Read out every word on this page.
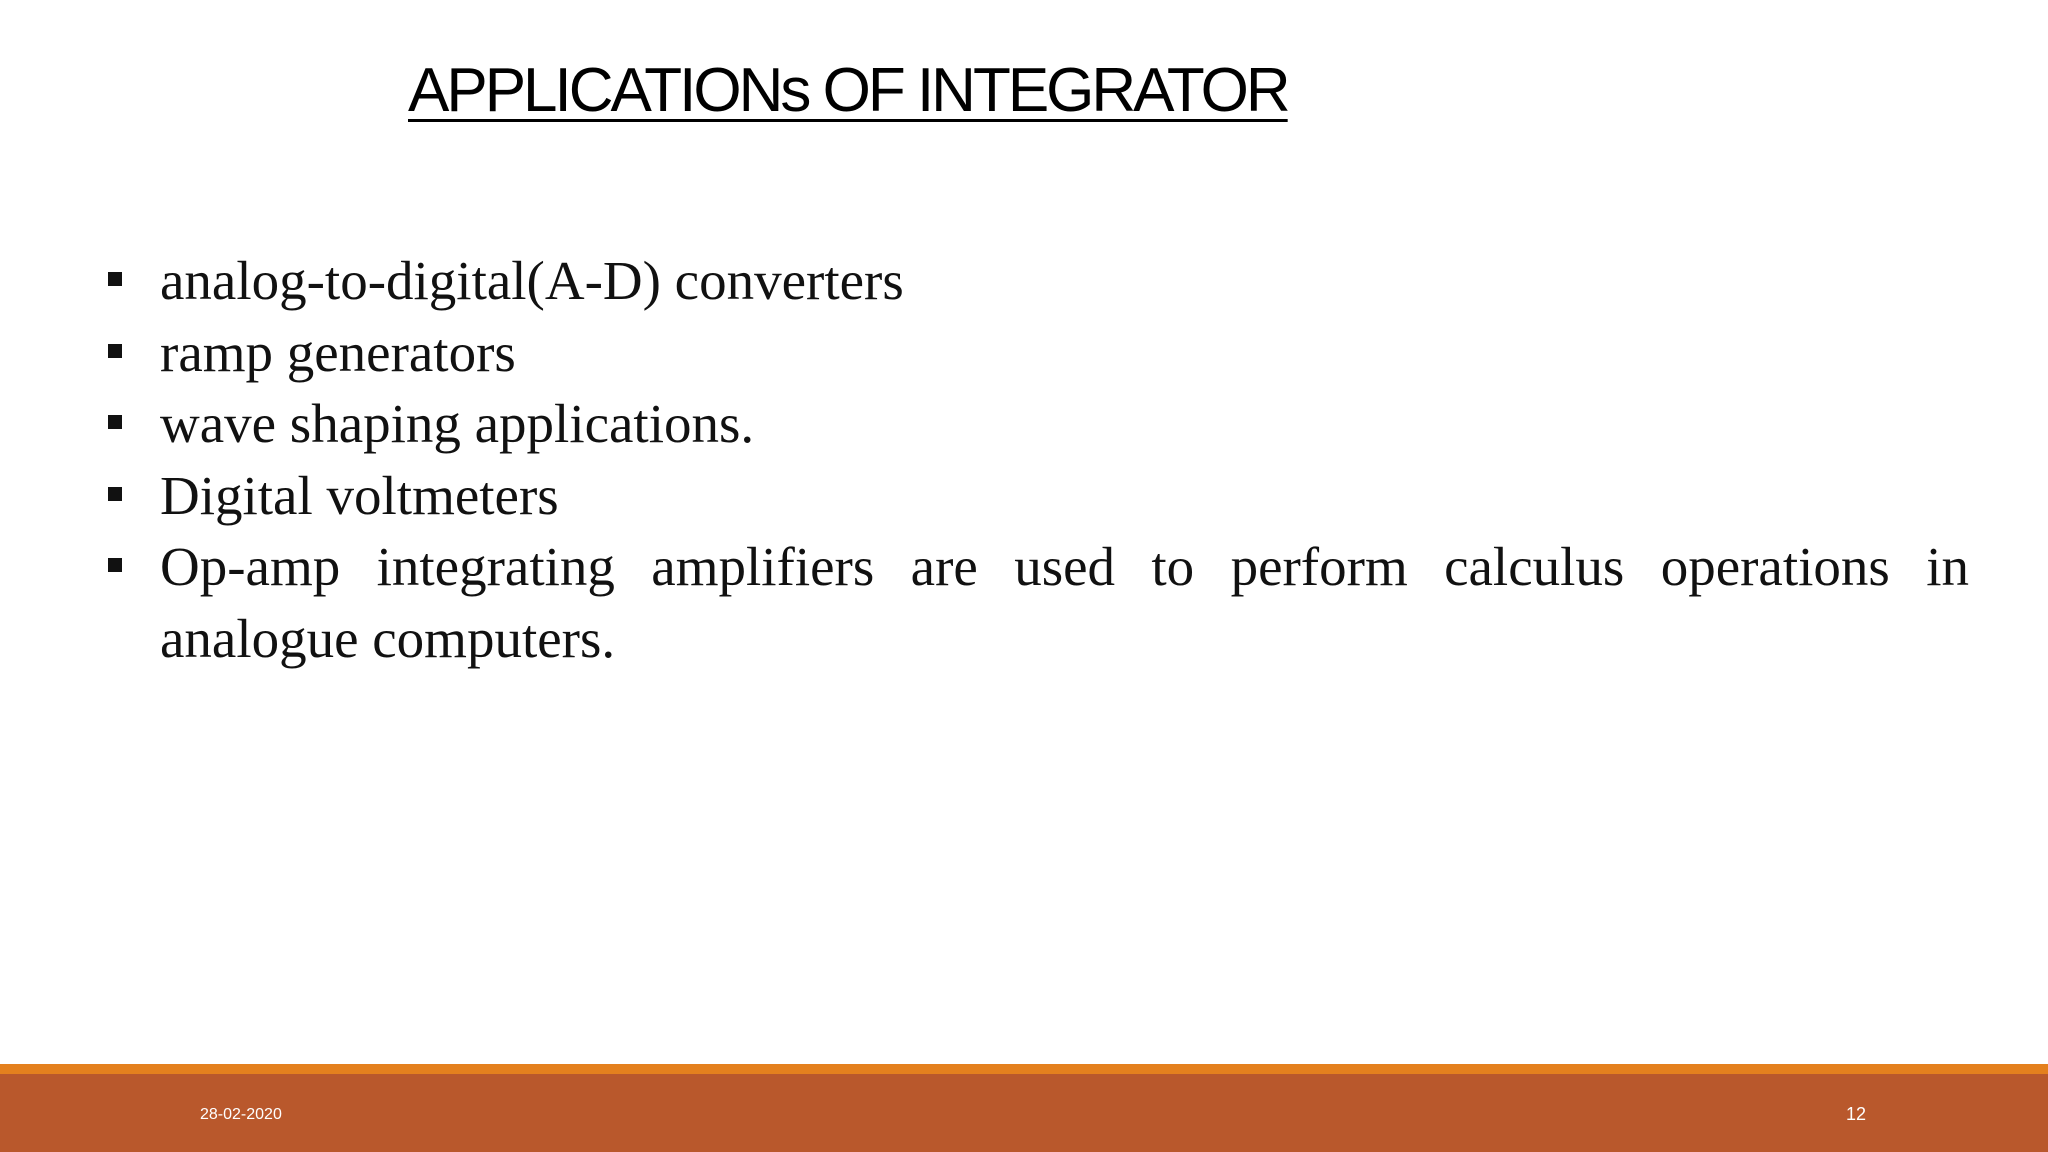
APPLICATIONs OF INTEGRATOR
analog-to-digital(A-D) converters
ramp generators
wave shaping applications.
Digital voltmeters
Op-amp integrating amplifiers are used to perform calculus operations in analogue computers.
28-02-2020	12
